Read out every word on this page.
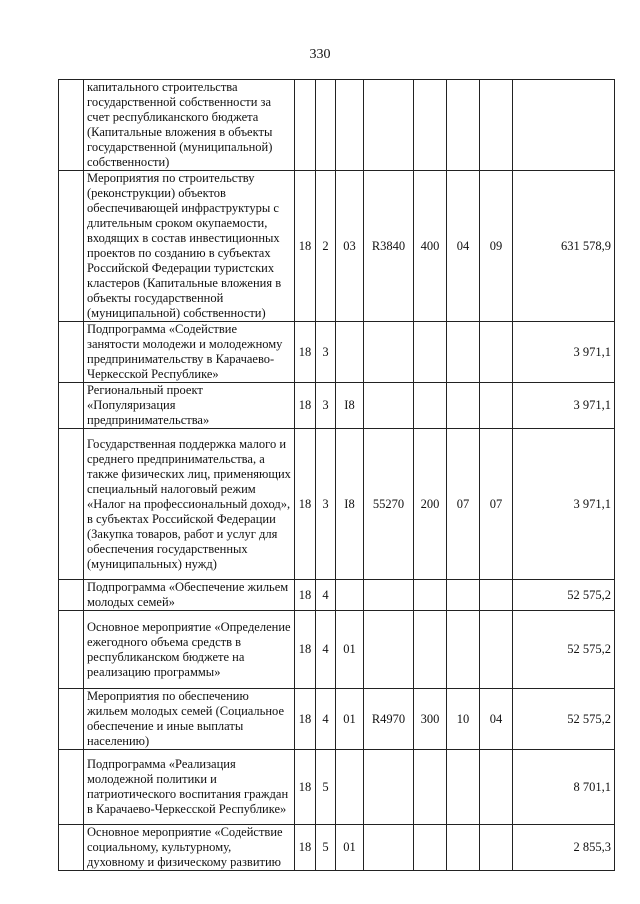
330
	капитального строительства государственной собственности за счет республиканского бюджета (Капитальные вложения в объекты государственной (муниципальной) собственности)								
	Мероприятия по строительству (реконструкции) объектов обеспечивающей инфраструктуры с длительным сроком окупаемости, входящих в состав инвестиционных проектов по созданию в субъектах Российской Федерации туристских кластеров (Капитальные вложения в объекты государственной (муниципальной) собственности)	18	2	03	R3840	400	04	09	631 578,9
	Подпрограмма «Содействие занятости молодежи и молодежному предпринимательству в Карачаево-Черкесской Республике»	18	3						3 971,1
	Региональный проект «Популяризация предпринимательства»	18	3	I8					3 971,1
	Государственная поддержка малого и среднего предпринимательства, а также физических лиц, применяющих специальный налоговый режим «Налог на профессиональный доход», в субъектах Российской Федерации (Закупка товаров, работ и услуг для обеспечения государственных (муниципальных) нужд)	18	3	I8	55270	200	07	07	3 971,1
	Подпрограмма «Обеспечение жильем молодых семей»	18	4						52 575,2
	Основное мероприятие «Определение ежегодного объема средств в республиканском бюджете на реализацию программы»	18	4	01					52 575,2
	Мероприятия по обеспечению жильем молодых семей (Социальное обеспечение и иные выплаты населению)	18	4	01	R4970	300	10	04	52 575,2
	Подпрограмма «Реализация молодежной политики и патриотического воспитания граждан в Карачаево-Черкесской Республике»	18	5						8 701,1
	Основное мероприятие «Содействие социальному, культурному, духовному и физическому развитию	18	5	01					2 855,3
